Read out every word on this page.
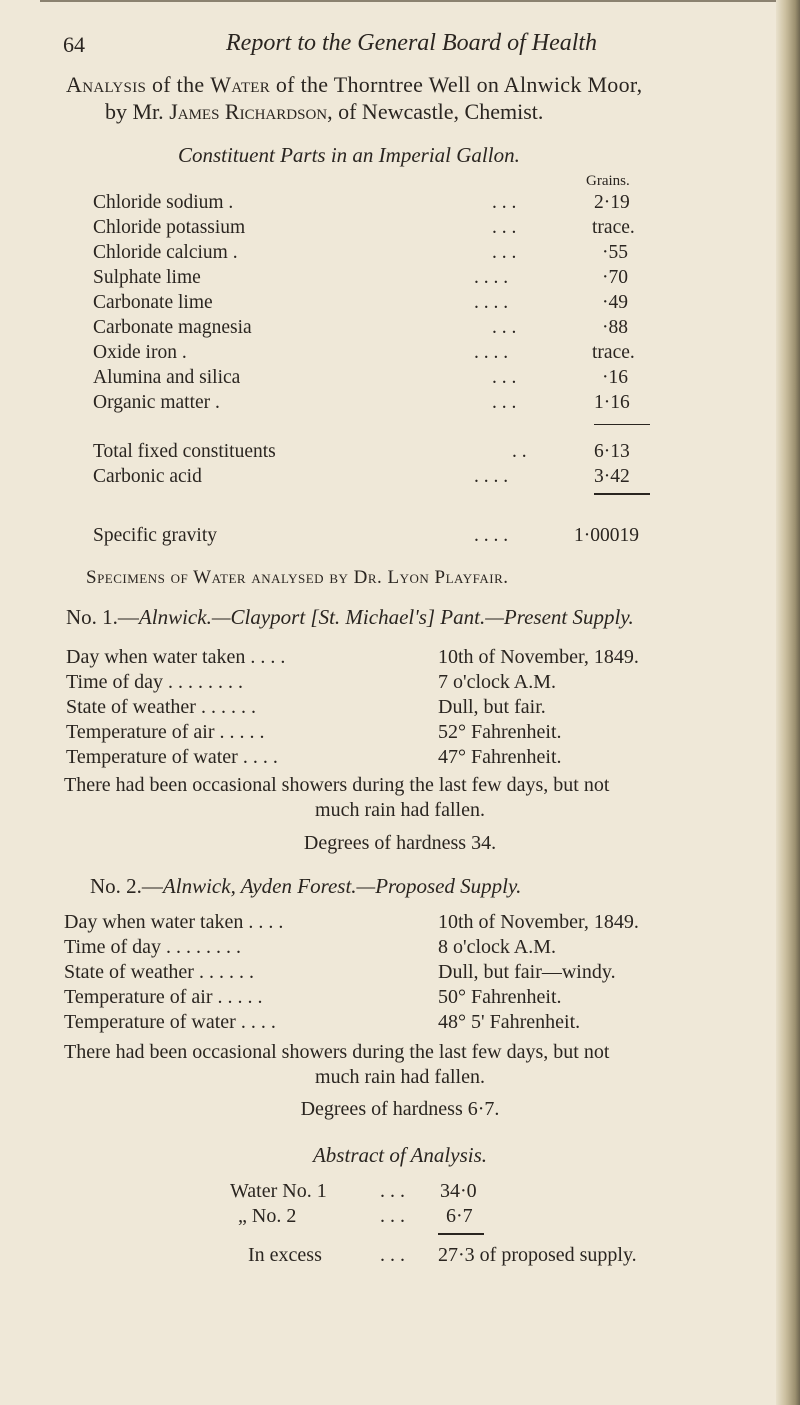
64	Report to the General Board of Health
Analysis of the Water of the Thorntree Well on Alnwick Moor,
by Mr. James Richardson, of Newcastle, Chemist.
Constituent Parts in an Imperial Gallon.
Grains.
Chloride sodium .	. . .	2·19
Chloride potassium	. . .	trace.
Chloride calcium .	. . .	·55
Sulphate lime	. . . .	·70
Carbonate lime	. . . .	·49
Carbonate magnesia	. . .	·88
Oxide iron .	. . . .	trace.
Alumina and silica	. . .	·16
Organic matter .	. . .	1·16
Total fixed constituents	. .	6·13
Carbonic acid	. . . .	3·42
Specific gravity	. . . .	1·00019
Specimens of Water analysed by Dr. Lyon Playfair.
No. 1.—Alnwick.—Clayport [St. Michael's] Pant.—Present Supply.
Day when water taken . . . .	10th of November, 1849.
Time of day . . . . . . . .	7 o'clock A.M.
State of weather . . . . . .	Dull, but fair.
Temperature of air . . . . .	52° Fahrenheit.
Temperature of water . . . .	47° Fahrenheit.
There had been occasional showers during the last few days, but not
much rain had fallen.
Degrees of hardness 34.
No. 2.—Alnwick, Ayden Forest.—Proposed Supply.
Day when water taken . . . .	10th of November, 1849.
Time of day . . . . . . . .	8 o'clock A.M.
State of weather . . . . . .	Dull, but fair—windy.
Temperature of air . . . . .	50° Fahrenheit.
Temperature of water . . . .	48° 5' Fahrenheit.
There had been occasional showers during the last few days, but not
much rain had fallen.
Degrees of hardness 6·7.
Abstract of Analysis.
Water No. 1	. . . 34·0
„ No. 2	. . . 6·7
In excess	. . . 27·3 of proposed supply.
